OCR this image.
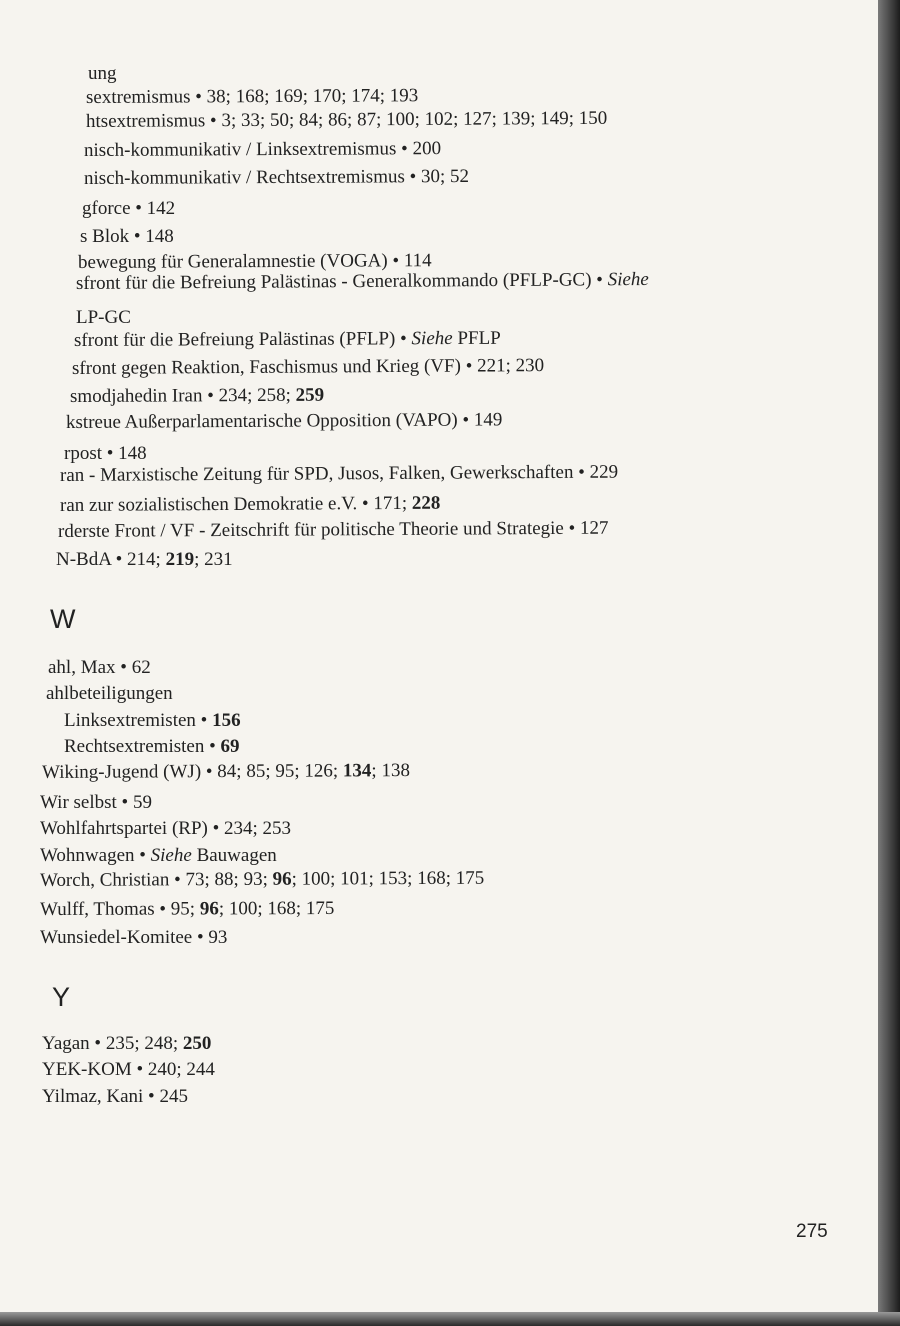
ung
sextremismus • 38; 168; 169; 170; 174; 193
htsextremismus • 3; 33; 50; 84; 86; 87; 100; 102; 127; 139; 149; 150
nisch-kommunikativ / Linksextremismus • 200
nisch-kommunikativ / Rechtsextremismus • 30; 52
gforce • 142
s Blok • 148
bewegung für Generalamnestie (VOGA) • 114
sfront für die Befreiung Palästinas - Generalkommando (PFLP-GC) • Siehe
LP-GC
sfront für die Befreiung Palästinas (PFLP) • Siehe PFLP
sfront gegen Reaktion, Faschismus und Krieg (VF) • 221; 230
smodjahedin Iran • 234; 258; 259
kstreue Außerparlamentarische Opposition (VAPO) • 149
rpost • 148
ran - Marxistische Zeitung für SPD, Jusos, Falken, Gewerkschaften • 229
ran zur sozialistischen Demokratie e.V. • 171; 228
rderste Front / VF - Zeitschrift für politische Theorie und Strategie • 127
N-BdA • 214; 219; 231
W
ahl, Max • 62
ahlbeteiligungen
Linksextremisten • 156
Rechtsextremisten • 69
Wiking-Jugend (WJ) • 84; 85; 95; 126; 134; 138
Wir selbst • 59
Wohlfahrtspartei (RP) • 234; 253
Wohnwagen • Siehe Bauwagen
Worch, Christian • 73; 88; 93; 96; 100; 101; 153; 168; 175
Wulff, Thomas • 95; 96; 100; 168; 175
Wunsiedel-Komitee • 93
Y
Yagan • 235; 248; 250
YEK-KOM • 240; 244
Yilmaz, Kani • 245
275
